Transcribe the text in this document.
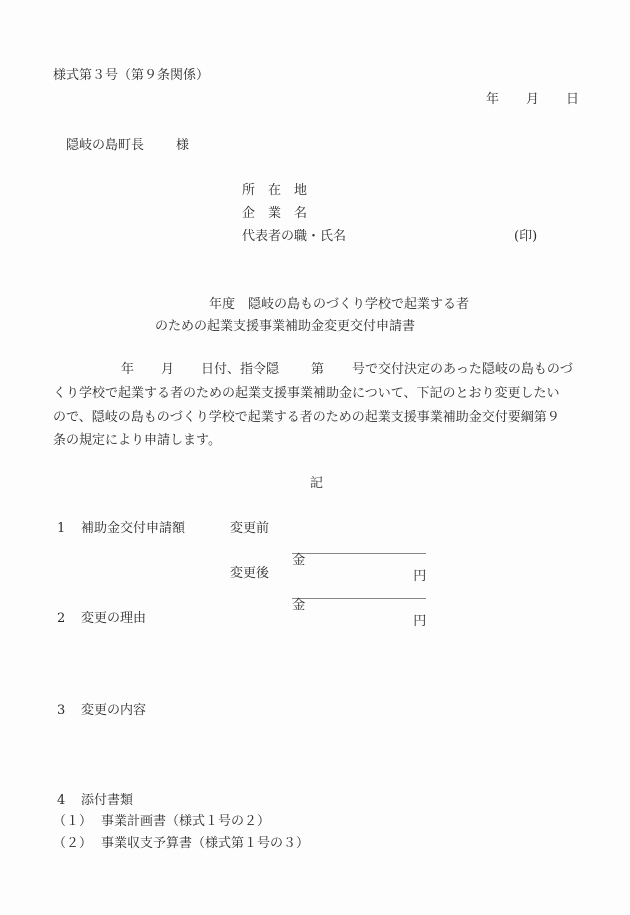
様式第３号（第９条関係）
年 月 日
隠岐の島町長 様
所　在　地
企　業　名
代表者の職・氏名	(印)
年度　隠岐の島ものづくり学校で起業する者
のための起業支援事業補助金変更交付申請書
年 月 日付、指令隠 第 号で交付決定のあった隠岐の島ものづ
くり学校で起業する者のための起業支援事業補助金について、下記のとおり変更したい
ので、隠岐の島ものづくり学校で起業する者のための起業支援事業補助金交付要綱第９
条の規定により申請します。
記
1 補助金交付申請額	変更前

金

円

変更後

金

円

2 変更の理由
3 変更の内容
4 添付書類
（１） 事業計画書（様式１号の２）
（２） 事業収支予算書（様式第１号の３）
